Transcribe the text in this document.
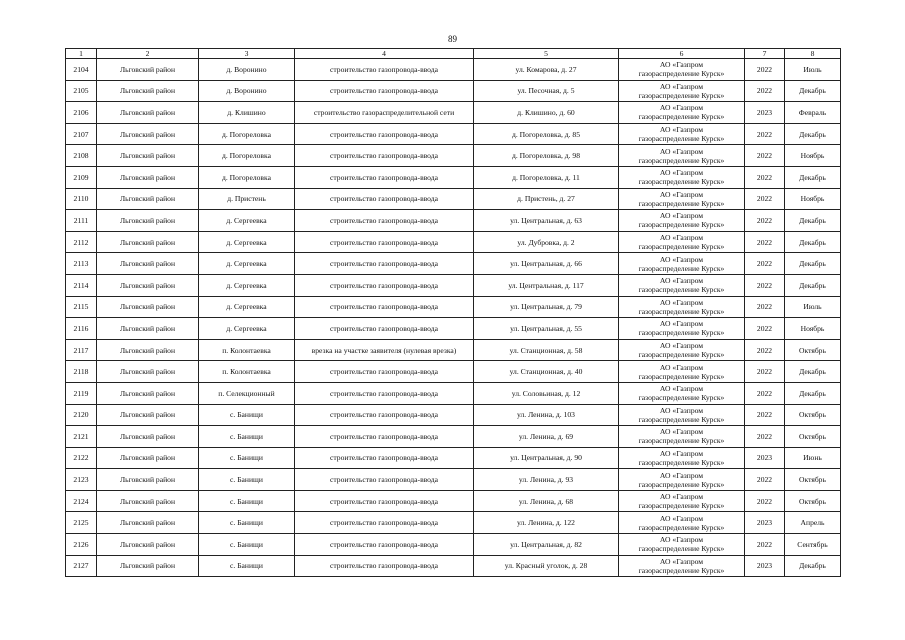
89
1	2	3	4	5	6	7	8
2104	Льговский район	д. Воронино	строительство газопровода-ввода	ул. Комарова, д. 27	АО «Газпром
газораспределение Курск»	2022	Июль
2105	Льговский район	д. Воронино	строительство газопровода-ввода	ул. Песочная, д. 5	АО «Газпром
газораспределение Курск»	2022	Декабрь
2106	Льговский район	д. Клишино	строительство газораспределительной сети	д. Клишино, д. 60	АО «Газпром
газораспределение Курск»	2023	Февраль
2107	Льговский район	д. Погореловка	строительство газопровода-ввода	д. Погореловка, д. 85	АО «Газпром
газораспределение Курск»	2022	Декабрь
2108	Льговский район	д. Погореловка	строительство газопровода-ввода	д. Погореловка, д. 98	АО «Газпром
газораспределение Курск»	2022	Ноябрь
2109	Льговский район	д. Погореловка	строительство газопровода-ввода	д. Погореловка, д. 11	АО «Газпром
газораспределение Курск»	2022	Декабрь
2110	Льговский район	д. Пристень	строительство газопровода-ввода	д. Пристень, д. 27	АО «Газпром
газораспределение Курск»	2022	Ноябрь
2111	Льговский район	д. Сергеевка	строительство газопровода-ввода	ул. Центральная, д. 63	АО «Газпром
газораспределение Курск»	2022	Декабрь
2112	Льговский район	д. Сергеевка	строительство газопровода-ввода	ул. Дубровка, д. 2	АО «Газпром
газораспределение Курск»	2022	Декабрь
2113	Льговский район	д. Сергеевка	строительство газопровода-ввода	ул. Центральная, д. 66	АО «Газпром
газораспределение Курск»	2022	Декабрь
2114	Льговский район	д. Сергеевка	строительство газопровода-ввода	ул. Центральная, д. 117	АО «Газпром
газораспределение Курск»	2022	Декабрь
2115	Льговский район	д. Сергеевка	строительство газопровода-ввода	ул. Центральная, д. 79	АО «Газпром
газораспределение Курск»	2022	Июль
2116	Льговский район	д. Сергеевка	строительство газопровода-ввода	ул. Центральная, д. 55	АО «Газпром
газораспределение Курск»	2022	Ноябрь
2117	Льговский район	п. Колонтаевка	врезка на участке заявителя (нулевая врезка)	ул. Станционная, д. 58	АО «Газпром
газораспределение Курск»	2022	Октябрь
2118	Льговский район	п. Колонтаевка	строительство газопровода-ввода	ул. Станционная, д. 40	АО «Газпром
газораспределение Курск»	2022	Декабрь
2119	Льговский район	п. Селекционный	строительство газопровода-ввода	ул. Соловьиная, д. 12	АО «Газпром
газораспределение Курск»	2022	Декабрь
2120	Льговский район	с. Банищи	строительство газопровода-ввода	ул. Ленина, д. 103	АО «Газпром
газораспределение Курск»	2022	Октябрь
2121	Льговский район	с. Банищи	строительство газопровода-ввода	ул. Ленина, д. 69	АО «Газпром
газораспределение Курск»	2022	Октябрь
2122	Льговский район	с. Банищи	строительство газопровода-ввода	ул. Центральная, д. 90	АО «Газпром
газораспределение Курск»	2023	Июнь
2123	Льговский район	с. Банищи	строительство газопровода-ввода	ул. Ленина, д. 93	АО «Газпром
газораспределение Курск»	2022	Октябрь
2124	Льговский район	с. Банищи	строительство газопровода-ввода	ул. Ленина, д. 68	АО «Газпром
газораспределение Курск»	2022	Октябрь
2125	Льговский район	с. Банищи	строительство газопровода-ввода	ул. Ленина, д. 122	АО «Газпром
газораспределение Курск»	2023	Апрель
2126	Льговский район	с. Банищи	строительство газопровода-ввода	ул. Центральная, д. 82	АО «Газпром
газораспределение Курск»	2022	Сентябрь
2127	Льговский район	с. Банищи	строительство газопровода-ввода	ул. Красный уголок, д. 28	АО «Газпром
газораспределение Курск»	2023	Декабрь
